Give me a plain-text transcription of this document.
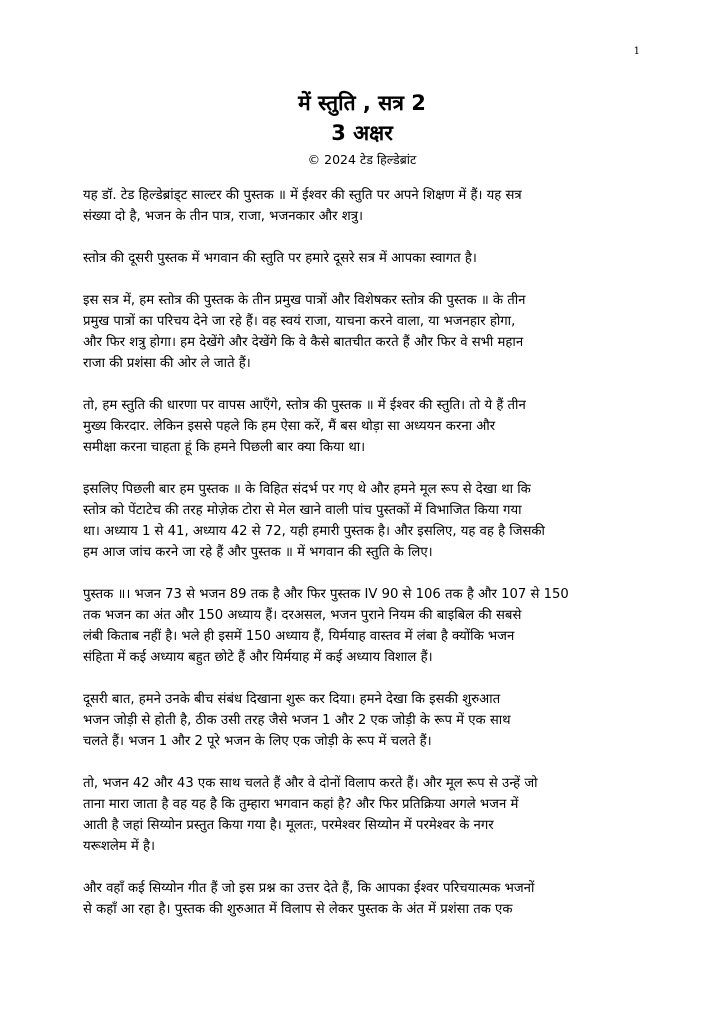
1
में स्तुति , सत्र 2
3 अक्षर
© 2024 टेड हिल्डेब्रांट
यह डॉ. टेड हिल्डेब्रांड्ट साल्टर की पुस्तक ॥ में ईश्वर की स्तुति पर अपने शिक्षण में हैं। यह सत्र
संख्या दो है, भजन के तीन पात्र, राजा, भजनकार और शत्रु।
स्तोत्र की दूसरी पुस्तक में भगवान की स्तुति पर हमारे दूसरे सत्र में आपका स्वागत है।
इस सत्र में, हम स्तोत्र की पुस्तक के तीन प्रमुख पात्रों और विशेषकर स्तोत्र की पुस्तक ॥ के तीन
प्रमुख पात्रों का परिचय देने जा रहे हैं। वह स्वयं राजा, याचना करने वाला, या भजनहार होगा,
और फिर शत्रु होगा। हम देखेंगे और देखेंगे कि वे कैसे बातचीत करते हैं और फिर वे सभी महान
राजा की प्रशंसा की ओर ले जाते हैं।
तो, हम स्तुति की धारणा पर वापस आएँगे, स्तोत्र की पुस्तक ॥ में ईश्वर की स्तुति। तो ये हैं तीन
मुख्य किरदार. लेकिन इससे पहले कि हम ऐसा करें, मैं बस थोड़ा सा अध्ययन करना और
समीक्षा करना चाहता हूं कि हमने पिछली बार क्या किया था।
इसलिए पिछली बार हम पुस्तक ॥ के विहित संदर्भ पर गए थे और हमने मूल रूप से देखा था कि
स्तोत्र को पेंटाटेच की तरह मोज़ेक टोरा से मेल खाने वाली पांच पुस्तकों में विभाजित किया गया
था। अध्याय 1 से 41, अध्याय 42 से 72, यही हमारी पुस्तक है। और इसलिए, यह वह है जिसकी
हम आज जांच करने जा रहे हैं और पुस्तक ॥ में भगवान की स्तुति के लिए।
पुस्तक ॥। भजन 73 से भजन 89 तक है और फिर पुस्तक IV 90 से 106 तक है और 107 से 150
तक भजन का अंत और 150 अध्याय हैं। दरअसल, भजन पुराने नियम की बाइबिल की सबसे
लंबी किताब नहीं है। भले ही इसमें 150 अध्याय हैं, यिर्मयाह वास्तव में लंबा है क्योंकि भजन
संहिता में कई अध्याय बहुत छोटे हैं और यिर्मयाह में कई अध्याय विशाल हैं।
दूसरी बात, हमने उनके बीच संबंध दिखाना शुरू कर दिया। हमने देखा कि इसकी शुरुआत
भजन जोड़ी से होती है, ठीक उसी तरह जैसे भजन 1 और 2 एक जोड़ी के रूप में एक साथ
चलते हैं। भजन 1 और 2 पूरे भजन के लिए एक जोड़ी के रूप में चलते हैं।
तो, भजन 42 और 43 एक साथ चलते हैं और वे दोनों विलाप करते हैं। और मूल रूप से उन्हें जो
ताना मारा जाता है वह यह है कि तुम्हारा भगवान कहां है? और फिर प्रतिक्रिया अगले भजन में
आती है जहां सिय्योन प्रस्तुत किया गया है। मूलतः, परमेश्वर सिय्योन में परमेश्वर के नगर
यरूशलेम में है।
और वहाँ कई सिय्योन गीत हैं जो इस प्रश्न का उत्तर देते हैं, कि आपका ईश्वर परिचयात्मक भजनों
से कहाँ आ रहा है। पुस्तक की शुरुआत में विलाप से लेकर पुस्तक के अंत में प्रशंसा तक एक
